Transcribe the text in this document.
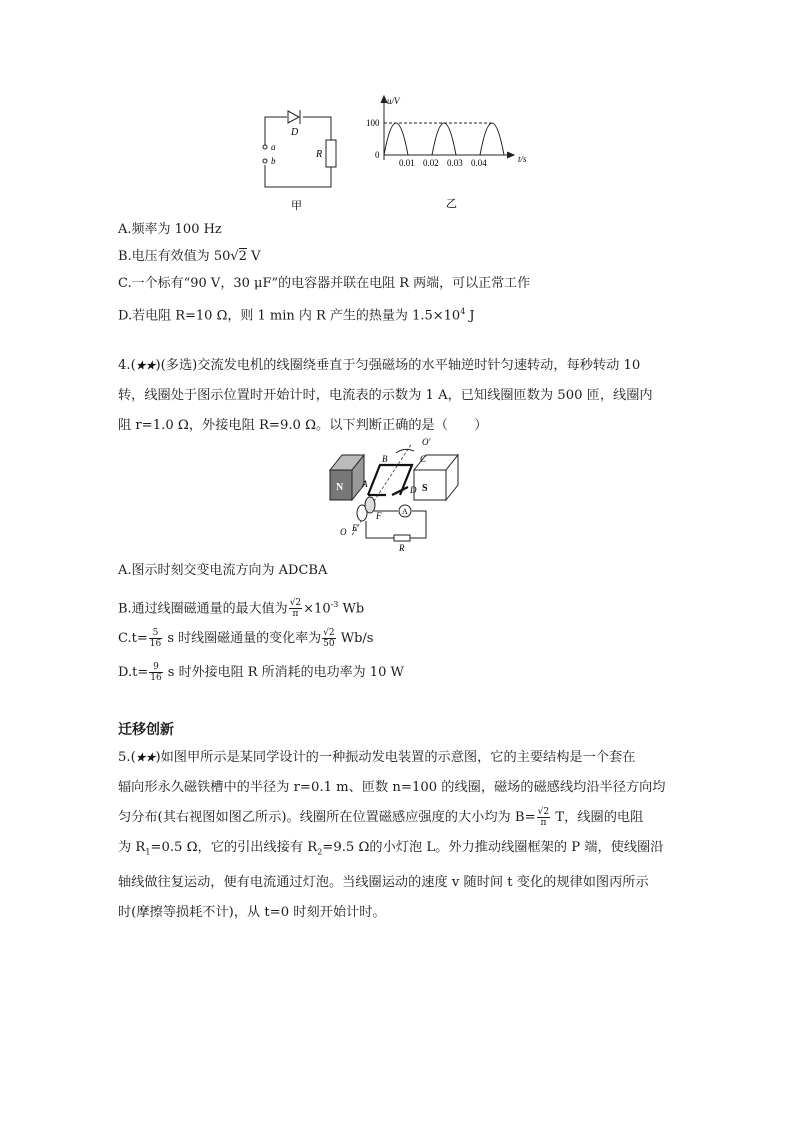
D
a
b
R
甲
u/V
100
0
0.01 0.02 0.03 0.04	t/s
乙
A.频率为 100 Hz
B.电压有效值为 50√2 V
C.一个标有“90 V，30 μF”的电容器并联在电阻 R 两端，可以正常工作
D.若电阻 R=10 Ω，则 1 min 内 R 产生的热量为 $1.5\times 10^4$ J
4.(★★)(多选)交流发电机的线圈绕垂直于匀强磁场的水平轴逆时针匀速转动，每秒转动 10
转，线圈处于图示位置时开始计时，电流表的示数为 1 A，已知线圈匝数为 500 匝，线圈内
阻 r=1.0 Ω，外接电阻 R=9.0 Ω。以下判断正确的是（　　）
N	S
O′
O
A
B	C
D
E
F	A
R
A.图示时刻交变电流方向为 ADCBA
B.通过线圈磁通量的最大值为 $\frac{√2}{\pi} \times 10^{-3}$ Wb
$C.t= \frac{5}{16}$ s 时线圈磁通量的变化率为 $\frac{√2}{50} Wb/s$
$D.t= \frac{9}{16}$ s 时外接电阻 R 所消耗的电功率为 10 W
迁移创新
5.(★★)如图甲所示是某同学设计的一种振动发电装置的示意图，它的主要结构是一个套在
辐向形永久磁铁槽中的半径为 r=0.1 m、匝数 n=100 的线圈，磁场的磁感线均沿半径方向均
匀分布(其右视图如图乙所示)。线圈所在位置磁感应强度的大小均为 $B= \frac{√2}{\pi}$ T，线圈的电阻
为 $R_1=0.5$ Ω，它的引出线接有 $R_2=9.5$ Ω的小灯泡 L。外力推动线圈框架的 P 端，使线圈沿
轴线做往复运动，便有电流通过灯泡。当线圈运动的速度 v 随时间 t 变化的规律如图丙所示
时(摩擦等损耗不计)，从 t=0 时刻开始计时。
